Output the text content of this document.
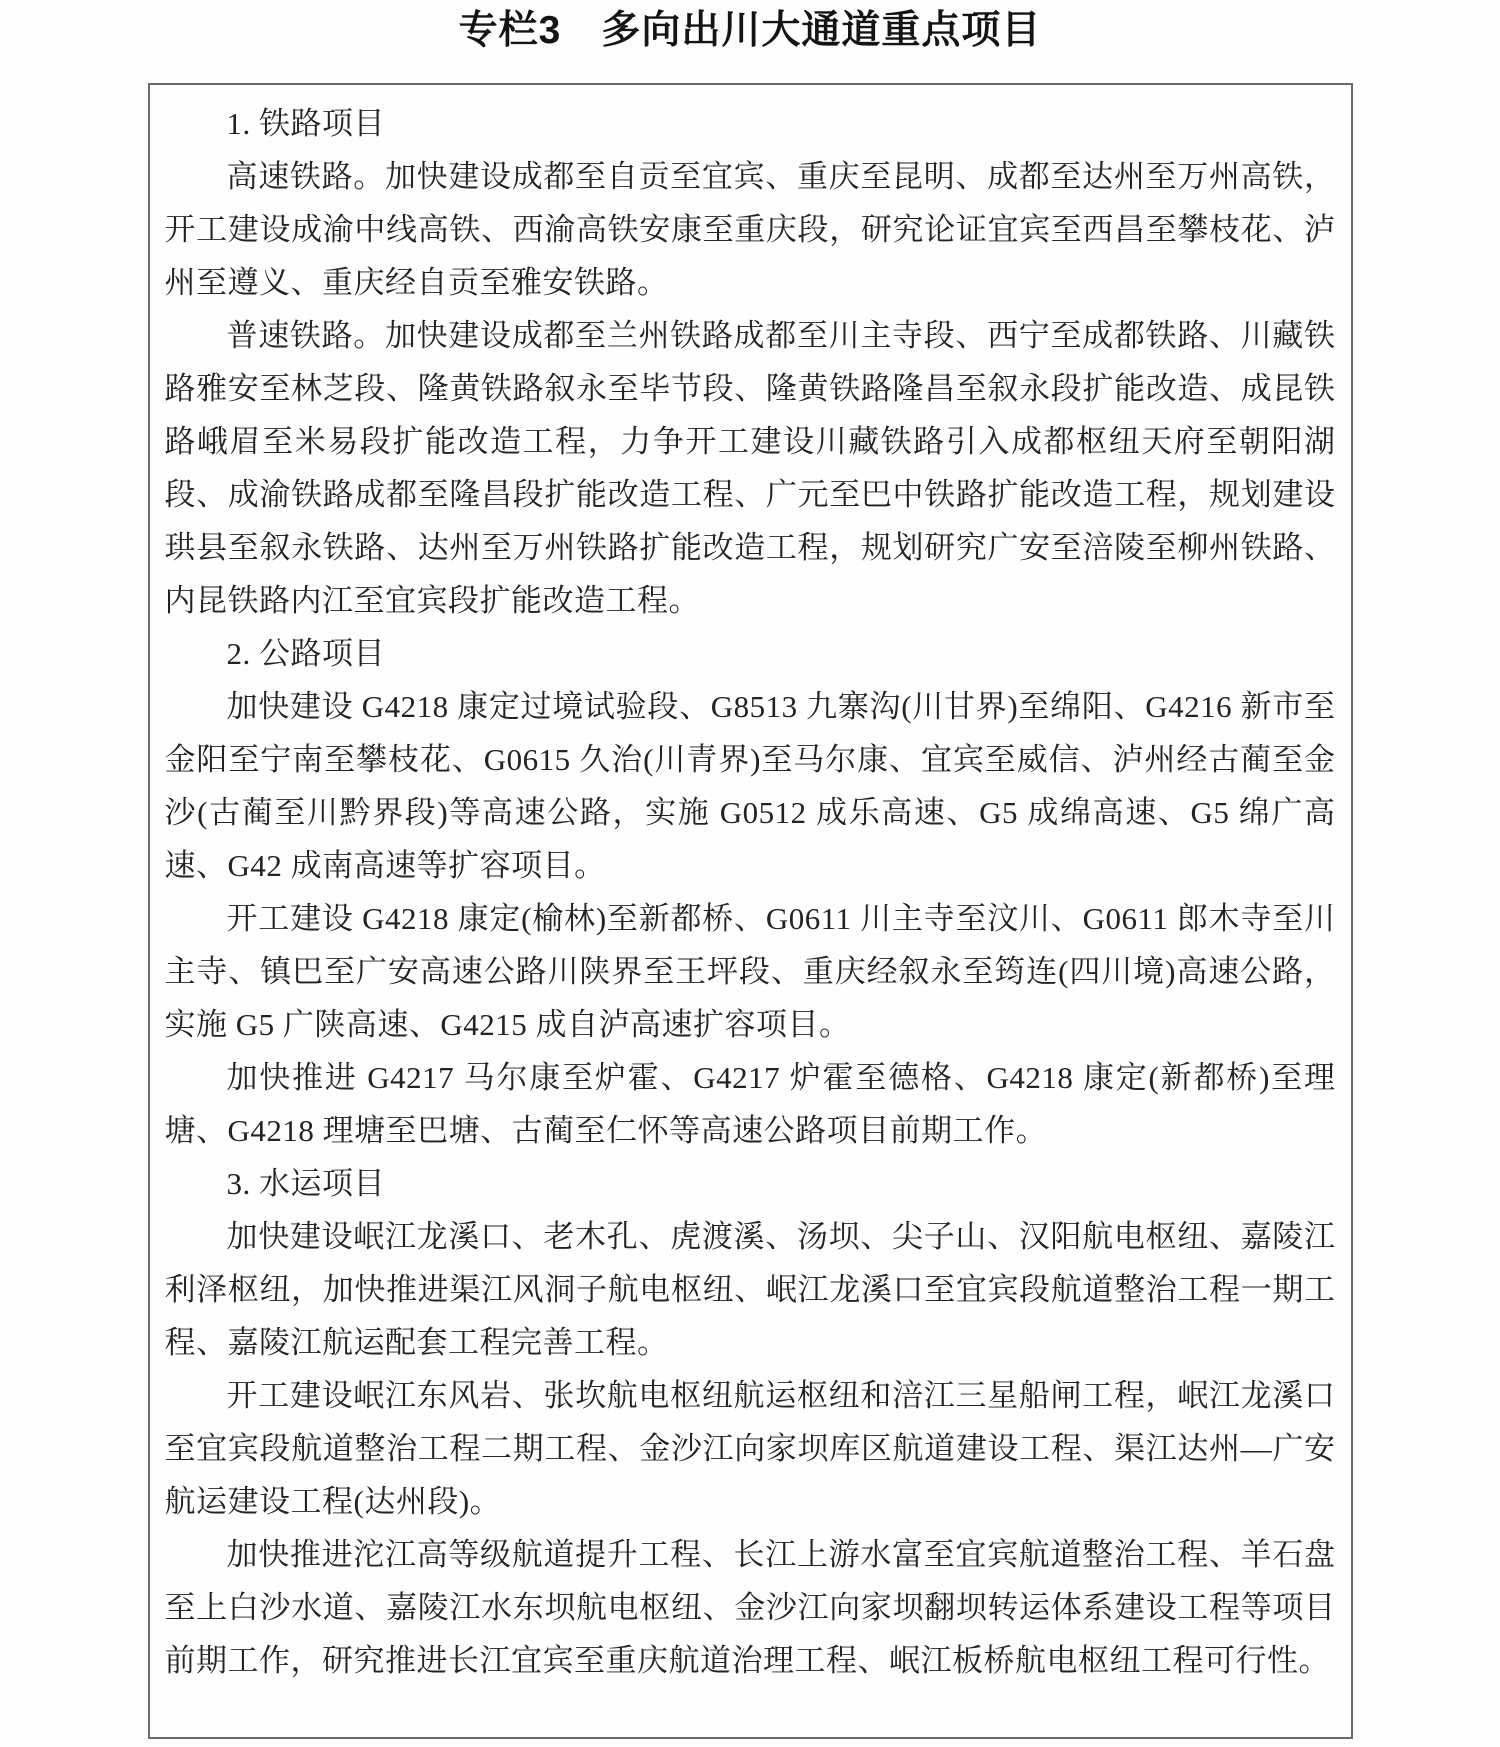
专栏3　多向出川大通道重点项目

1. 铁路项目

高速铁路。加快建设成都至自贡至宜宾、重庆至昆明、成都至达州至万州高铁，开工建设成渝中线高铁、西渝高铁安康至重庆段，研究论证宜宾至西昌至攀枝花、泸州至遵义、重庆经自贡至雅安铁路。

普速铁路。加快建设成都至兰州铁路成都至川主寺段、西宁至成都铁路、川藏铁路雅安至林芝段、隆黄铁路叙永至毕节段、隆黄铁路隆昌至叙永段扩能改造、成昆铁路峨眉至米易段扩能改造工程，力争开工建设川藏铁路引入成都枢纽天府至朝阳湖段、成渝铁路成都至隆昌段扩能改造工程、广元至巴中铁路扩能改造工程，规划建设珙县至叙永铁路、达州至万州铁路扩能改造工程，规划研究广安至涪陵至柳州铁路、内昆铁路内江至宜宾段扩能改造工程。

2. 公路项目

加快建设 G4218 康定过境试验段、G8513 九寨沟(川甘界)至绵阳、G4216 新市至金阳至宁南至攀枝花、G0615 久治(川青界)至马尔康、宜宾至威信、泸州经古蔺至金沙(古蔺至川黔界段)等高速公路，实施 G0512 成乐高速、G5 成绵高速、G5 绵广高速、G42 成南高速等扩容项目。

开工建设 G4218 康定(榆林)至新都桥、G0611 川主寺至汶川、G0611 郎木寺至川主寺、镇巴至广安高速公路川陕界至王坪段、重庆经叙永至筠连(四川境)高速公路，实施 G5 广陕高速、G4215 成自泸高速扩容项目。

加快推进 G4217 马尔康至炉霍、G4217 炉霍至德格、G4218 康定(新都桥)至理塘、G4218 理塘至巴塘、古蔺至仁怀等高速公路项目前期工作。

3. 水运项目

加快建设岷江龙溪口、老木孔、虎渡溪、汤坝、尖子山、汉阳航电枢纽、嘉陵江利泽枢纽，加快推进渠江风洞子航电枢纽、岷江龙溪口至宜宾段航道整治工程一期工程、嘉陵江航运配套工程完善工程。

开工建设岷江东风岩、张坎航电枢纽航运枢纽和涪江三星船闸工程，岷江龙溪口至宜宾段航道整治工程二期工程、金沙江向家坝库区航道建设工程、渠江达州—广安航运建设工程(达州段)。

加快推进沱江高等级航道提升工程、长江上游水富至宜宾航道整治工程、羊石盘至上白沙水道、嘉陵江水东坝航电枢纽、金沙江向家坝翻坝转运体系建设工程等项目前期工作，研究推进长江宜宾至重庆航道治理工程、岷江板桥航电枢纽工程可行性。
